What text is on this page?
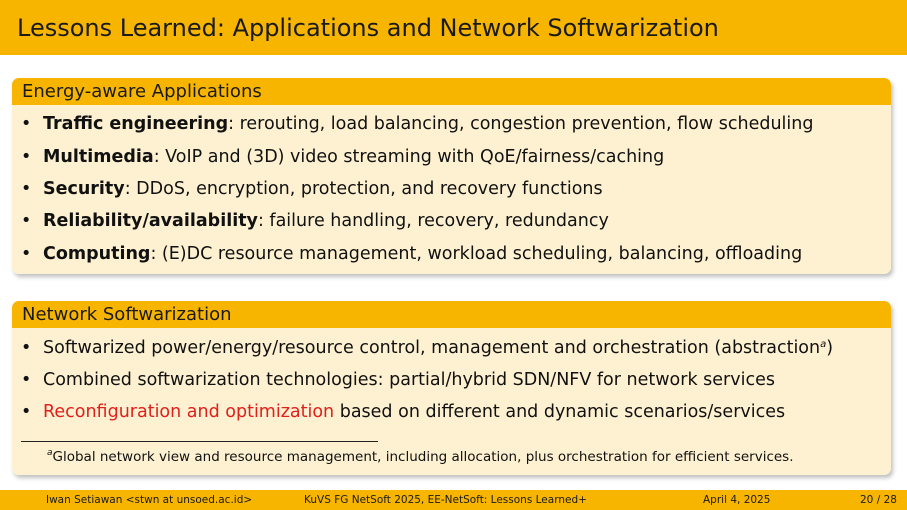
Lessons Learned: Applications and Network Softwarization
Energy-aware Applications
• Traffic engineering: rerouting, load balancing, congestion prevention, flow scheduling
• Multimedia: VoIP and (3D) video streaming with QoE/fairness/caching
• Security: DDoS, encryption, protection, and recovery functions
• Reliability/availability: failure handling, recovery, redundancy
• Computing: (E)DC resource management, workload scheduling, balancing, offloading
Network Softwarization
• Softwarized power/energy/resource control, management and orchestration (abstraction$^a$)
• Combined softwarization technologies: partial/hybrid SDN/NFV for network services
• Reconfiguration and optimization based on different and dynamic scenarios/services
$^a$Global network view and resource management, including allocation, plus orchestration for efficient services.
Iwan Setiawan <stwn at unsoed.ac.id>	KuVS FG NetSoft 2025, EE-NetSoft: Lessons Learned+	April 4, 2025	20 / 28
